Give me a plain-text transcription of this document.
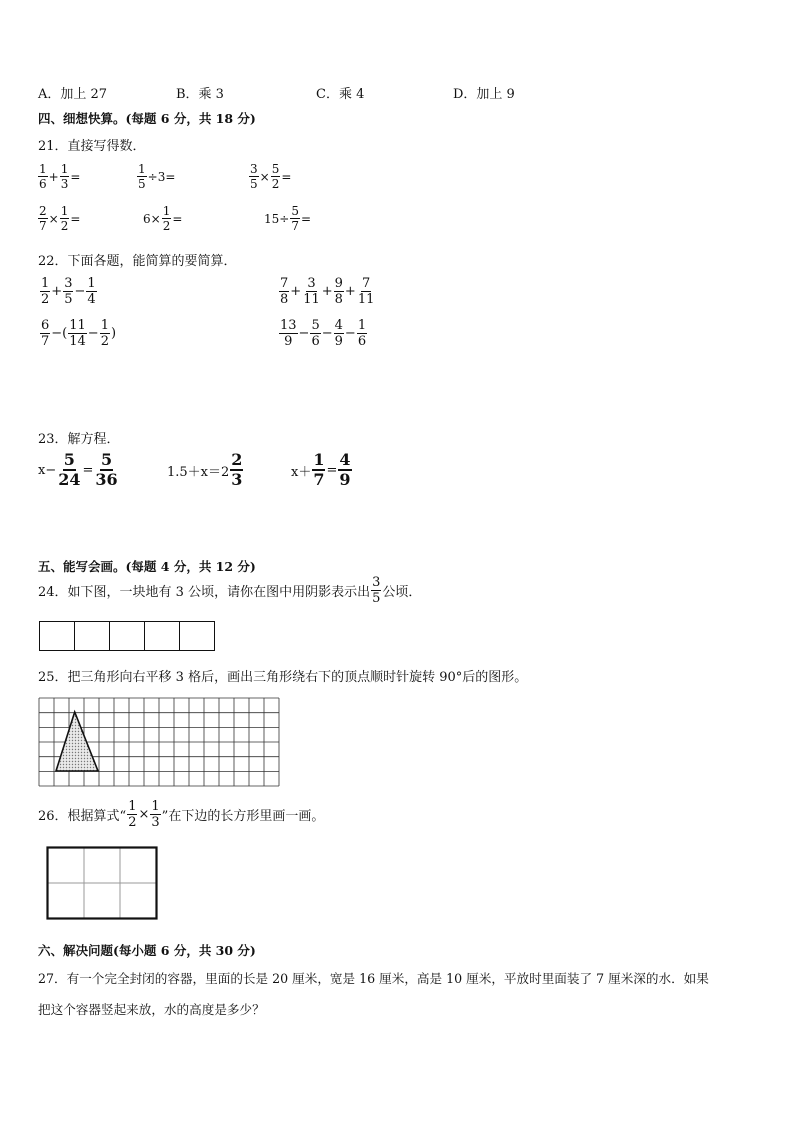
A．加上 27	B．乘 3	C．乘 4	D．加上 9
四、细想快算。(每题 6 分，共 18 分)
21．直接写得数．
$\frac{1}{6} + \frac{1}{3}$ =	$\frac{1}{5} \div 3=$	$\frac{3}{5} \times \frac{5}{2}$ =
$\frac{2}{7} \times \frac{1}{2}$ =	$6\times \frac{1}{2}$ =	$15\div \frac{5}{7}$ =
22．下面各题，能简算的要简算．
$\frac{1}{2} + \frac{3}{5} - \frac{1}{4}$	$\frac{7}{8} + \frac{3}{11} + \frac{9}{8} + \frac{7}{11}$
$\frac{6}{7}$ −( $\frac{11}{14} - \frac{1}{2}$ )	$\frac{13}{9} - \frac{5}{6} - \frac{4}{9} - \frac{1}{6}$
23．解方程．
$x- \frac{5}{24} = \frac{5}{36}$	$1.5+x=2 \frac{2}{3}$	$x+ \frac{1}{7} = \frac{4}{9}$
五、能写会画。(每题 4 分，共 12 分)
24．如下图，一块地有 3 公顷，请你在图中用阴影表示出 $\frac{3}{5}$ 公顷．
25．把三角形向右平移 3 格后，画出三角形绕右下的顶点顺时针旋转 90°后的图形。
26．根据算式“ $\frac{1}{2} \times \frac{1}{3}$ ”在下边的长方形里画一画。
六、解决问题(每小题 6 分，共 30 分)
27．有一个完全封闭的容器，里面的长是 20 厘米，宽是 16 厘米，高是 10 厘米，平放时里面装了 7 厘米深的水．如果
把这个容器竖起来放，水的高度是多少？
